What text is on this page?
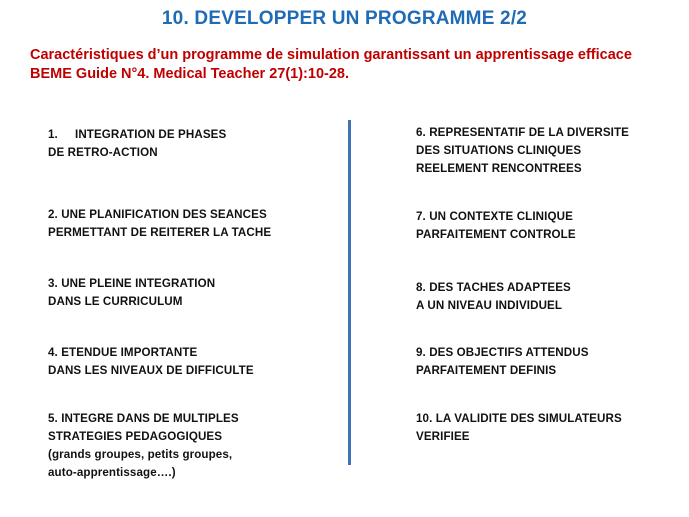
10. DEVELOPPER UN PROGRAMME 2/2
Caractéristiques d’un programme de simulation garantissant un apprentissage efficace
BEME Guide N°4. Medical Teacher 27(1):10-28.
1. INTEGRATION DE PHASES
DE RETRO-ACTION
2. UNE PLANIFICATION DES SEANCES
PERMETTANT DE REITERER LA TACHE
3. UNE PLEINE INTEGRATION
DANS LE CURRICULUM
4. ETENDUE IMPORTANTE
DANS LES NIVEAUX DE DIFFICULTE
5. INTEGRE DANS DE MULTIPLES
STRATEGIES PEDAGOGIQUES
(grands groupes, petits groupes,
auto-apprentissage….)
6. REPRESENTATIF DE LA DIVERSITE
DES SITUATIONS CLINIQUES
REELEMENT RENCONTREES
7. UN CONTEXTE CLINIQUE
PARFAITEMENT CONTROLE
8. DES TACHES ADAPTEES
A UN NIVEAU INDIVIDUEL
9. DES OBJECTIFS ATTENDUS
PARFAITEMENT DEFINIS
10. LA VALIDITE DES SIMULATEURS
VERIFIEE
